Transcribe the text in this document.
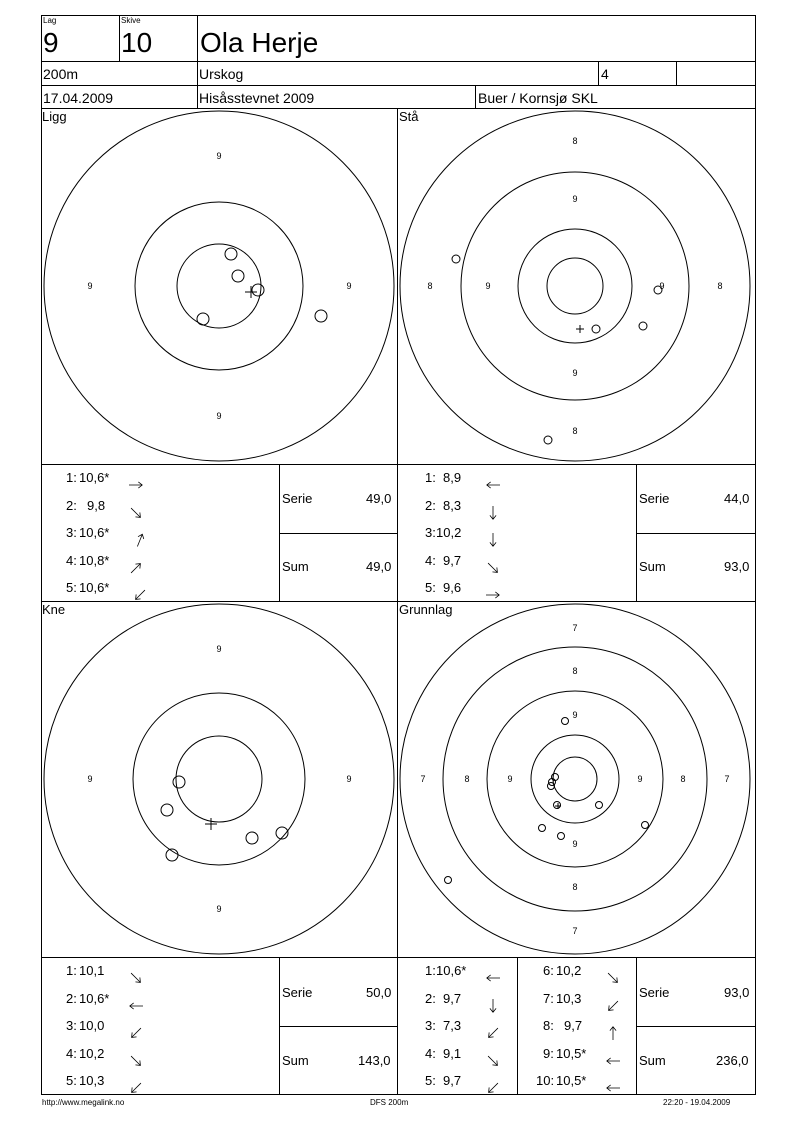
Lag
9
Skive
10 Ola Herje
200m	Urskog	4
17.04.2009	Hisåsstevnet 2009	Buer / Kornsjø SKL
Ligg	Stå
Kne	Grunnlag
9
9
9	9
8
8
8	8
9
9
9	9
9
9
9	9
7
7
7	7
8
8
8	8
9
9
9	9
1: 10,6*
2: 9,8
3: 10,6*
4: 10,8*
5: 10,6*
1: 8,9
2: 8,3
3: 10,2
4: 9,7
5: 9,6
1: 10,1
2: 10,6*
3: 10,0
4: 10,2
5: 10,3
1: 10,6*
2: 9,7
3: 7,3
4: 9,1
5: 9,7
6: 10,2
7: 10,3
8: 9,7
9: 10,5*
10: 10,5*
Serie	49,0
Sum	49,0
Serie	44,0
Sum	93,0
Serie	50,0
Sum	143,0
Serie	93,0
Sum	236,0
http://www.megalink.no	DFS 200m	22:20 - 19.04.2009
